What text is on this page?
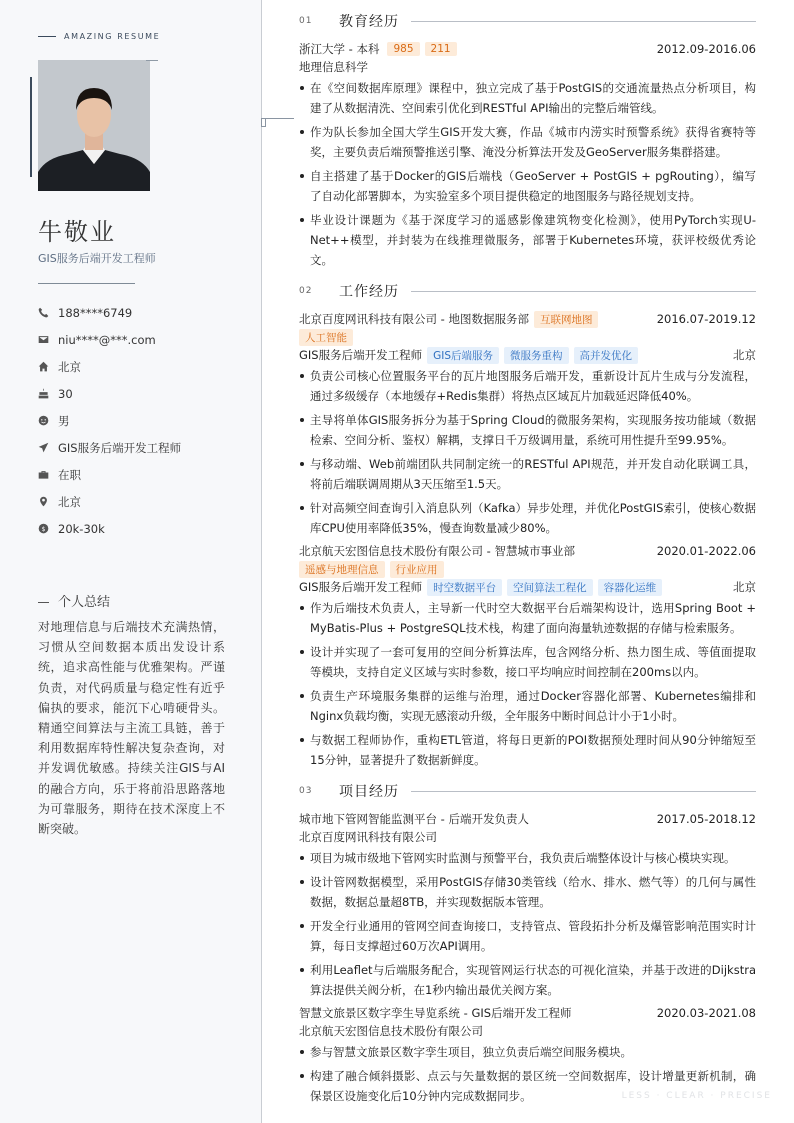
AMAZING RESUME
牛敬业
GIS服务后端开发工程师
188****6749
niu****@***.com
北京
30
男
GIS服务后端开发工程师
在职
北京
$ 20k-30k
个人总结
对地理信息与后端技术充满热情，习惯从空间数据本质出发设计系统，追求高性能与优雅架构。严谨负责，对代码质量与稳定性有近乎偏执的要求，能沉下心啃硬骨头。精通空间算法与主流工具链，善于利用数据库特性解决复杂查询，对并发调优敏感。持续关注GIS与AI的融合方向，乐于将前沿思路落地为可靠服务，期待在技术深度上不断突破。
01	教育经历
浙江大学 - 本科	985	211	2012.09-2016.06
地理信息科学
在《空间数据库原理》课程中，独立完成了基于PostGIS的交通流量热点分析项目，构建了从数据清洗、空间索引优化到RESTful API输出的完整后端管线。
作为队长参加全国大学生GIS开发大赛，作品《城市内涝实时预警系统》获得省赛特等奖，主要负责后端预警推送引擎、淹没分析算法开发及GeoServer服务集群搭建。
自主搭建了基于Docker的GIS后端栈（GeoServer + PostGIS + pgRouting），编写了自动化部署脚本，为实验室多个项目提供稳定的地图服务与路径规划支持。
毕业设计课题为《基于深度学习的遥感影像建筑物变化检测》，使用PyTorch实现U-Net++模型，并封装为在线推理微服务，部署于Kubernetes环境，获评校级优秀论文。
02	工作经历
北京百度网讯科技有限公司 - 地图数据服务部	互联网地图	2016.07-2019.12
人工智能
GIS服务后端开发工程师	GIS后端服务	微服务重构	高并发优化	北京
负责公司核心位置服务平台的瓦片地图服务后端开发，重新设计瓦片生成与分发流程，通过多级缓存（本地缓存+Redis集群）将热点区域瓦片加载延迟降低40%。
主导将单体GIS服务拆分为基于Spring Cloud的微服务架构，实现服务按功能域（数据检索、空间分析、鉴权）解耦，支撑日千万级调用量，系统可用性提升至99.95%。
与移动端、Web前端团队共同制定统一的RESTful API规范，并开发自动化联调工具，将前后端联调周期从3天压缩至1.5天。
针对高频空间查询引入消息队列（Kafka）异步处理，并优化PostGIS索引，使核心数据库CPU使用率降低35%，慢查询数量减少80%。
北京航天宏图信息技术股份有限公司 - 智慧城市事业部	2020.01-2022.06
遥感与地理信息	行业应用
GIS服务后端开发工程师	时空数据平台	空间算法工程化	容器化运维	北京
作为后端技术负责人，主导新一代时空大数据平台后端架构设计，选用Spring Boot + MyBatis-Plus + PostgreSQL技术栈，构建了面向海量轨迹数据的存储与检索服务。
设计并实现了一套可复用的空间分析算法库，包含网络分析、热力图生成、等值面提取等模块，支持自定义区域与实时参数，接口平均响应时间控制在200ms以内。
负责生产环境服务集群的运维与治理，通过Docker容器化部署、Kubernetes编排和Nginx负载均衡，实现无感滚动升级，全年服务中断时间总计小于1小时。
与数据工程师协作，重构ETL管道，将每日更新的POI数据预处理时间从90分钟缩短至15分钟，显著提升了数据新鲜度。
03	项目经历
城市地下管网智能监测平台 - 后端开发负责人	2017.05-2018.12
北京百度网讯科技有限公司
项目为城市级地下管网实时监测与预警平台，我负责后端整体设计与核心模块实现。
设计管网数据模型，采用PostGIS存储30类管线（给水、排水、燃气等）的几何与属性数据，数据总量超8TB，并实现数据版本管理。
开发全行业通用的管网空间查询接口，支持管点、管段拓扑分析及爆管影响范围实时计算，每日支撑超过60万次API调用。
利用Leaflet与后端服务配合，实现管网运行状态的可视化渲染，并基于改进的Dijkstra算法提供关阀分析，在1秒内输出最优关阀方案。
智慧文旅景区数字孪生导览系统 - GIS后端开发工程师	2020.03-2021.08
北京航天宏图信息技术股份有限公司
参与智慧文旅景区数字孪生项目，独立负责后端空间服务模块。
构建了融合倾斜摄影、点云与矢量数据的景区统一空间数据库，设计增量更新机制，确保景区设施变化后10分钟内完成数据同步。	LESS · CLEAR · PRECISE
